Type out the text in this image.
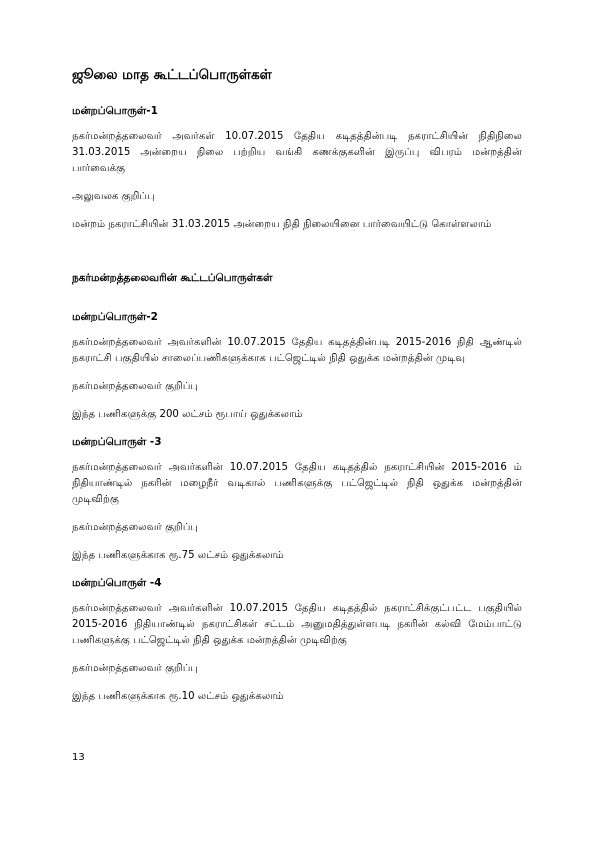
ஜூலை மாத கூட்டப்பொருள்கள்
மன்றப்பொருள்-1

நகர்மன்றத்தலைவர் அவர்கள் 10.07.2015 தேதிய கடிதத்தின்படி நகராட்சியின் நிதிநிலை 31.03.2015 அன்றைய நிலை பற்றிய வங்கி கணக்குகளின் இருப்பு விபரம் மன்றத்தின் பார்வைக்கு

அலுவலக குறிப்பு

மன்றம் நகராட்சியின் 31.03.2015 அன்றைய நிதி நிலையினை பார்வையிட்டு கொள்ளலாம்

நகர்மன்றத்தலைவரின் கூட்டப்பொருள்கள்
மன்றப்பொருள்-2

நகர்மன்றத்தலைவர் அவர்களின் 10.07.2015 தேதிய கடிதத்தின்படி 2015-2016 நிதி ஆண்டில் நகராட்சி பகுதியில் சாலைப்பணிகளுக்காக பட்ஜெட்டில் நிதி ஒதுக்க மன்றத்தின் முடிவு

நகர்மன்றத்தலைவர் குறிப்பு

இந்த பணிகளுக்கு 200 லட்சம் ரூபாய் ஒதுக்கலாம்

மன்றப்பொருள் -3

நகர்மன்றத்தலைவர் அவர்களின் 10.07.2015 தேதிய கடிதத்தில் நகராட்சியின் 2015-2016 ம் நிதியாண்டில் நகரின் மழைநீர் வடிகால் பணிகளுக்கு பட்ஜெட்டில் நிதி ஒதுக்க மன்றத்தின் முடிவிற்கு

நகர்மன்றத்தலைவர் குறிப்பு

இந்த பணிகளுக்காக ரூ.75 லட்சம் ஒதுக்கலாம்

மன்றப்பொருள் -4

நகர்மன்றத்தலைவர் அவர்களின் 10.07.2015 தேதிய கடிதத்தில் நகராட்சிக்குட்பட்ட பகுதியில் 2015-2016 நிதியாண்டில் நகராட்சிகள் சட்டம் அனுமதித்துள்ளபடி நகரின் கல்வி மேம்பாட்டு பணிகளுக்கு பட்ஜெட்டில் நிதி ஒதுக்க மன்றத்தின் முடிவிற்கு

நகர்மன்றத்தலைவர் குறிப்பு

இந்த பணிகளுக்காக ரூ.10 லட்சம் ஒதுக்கலாம்

13
